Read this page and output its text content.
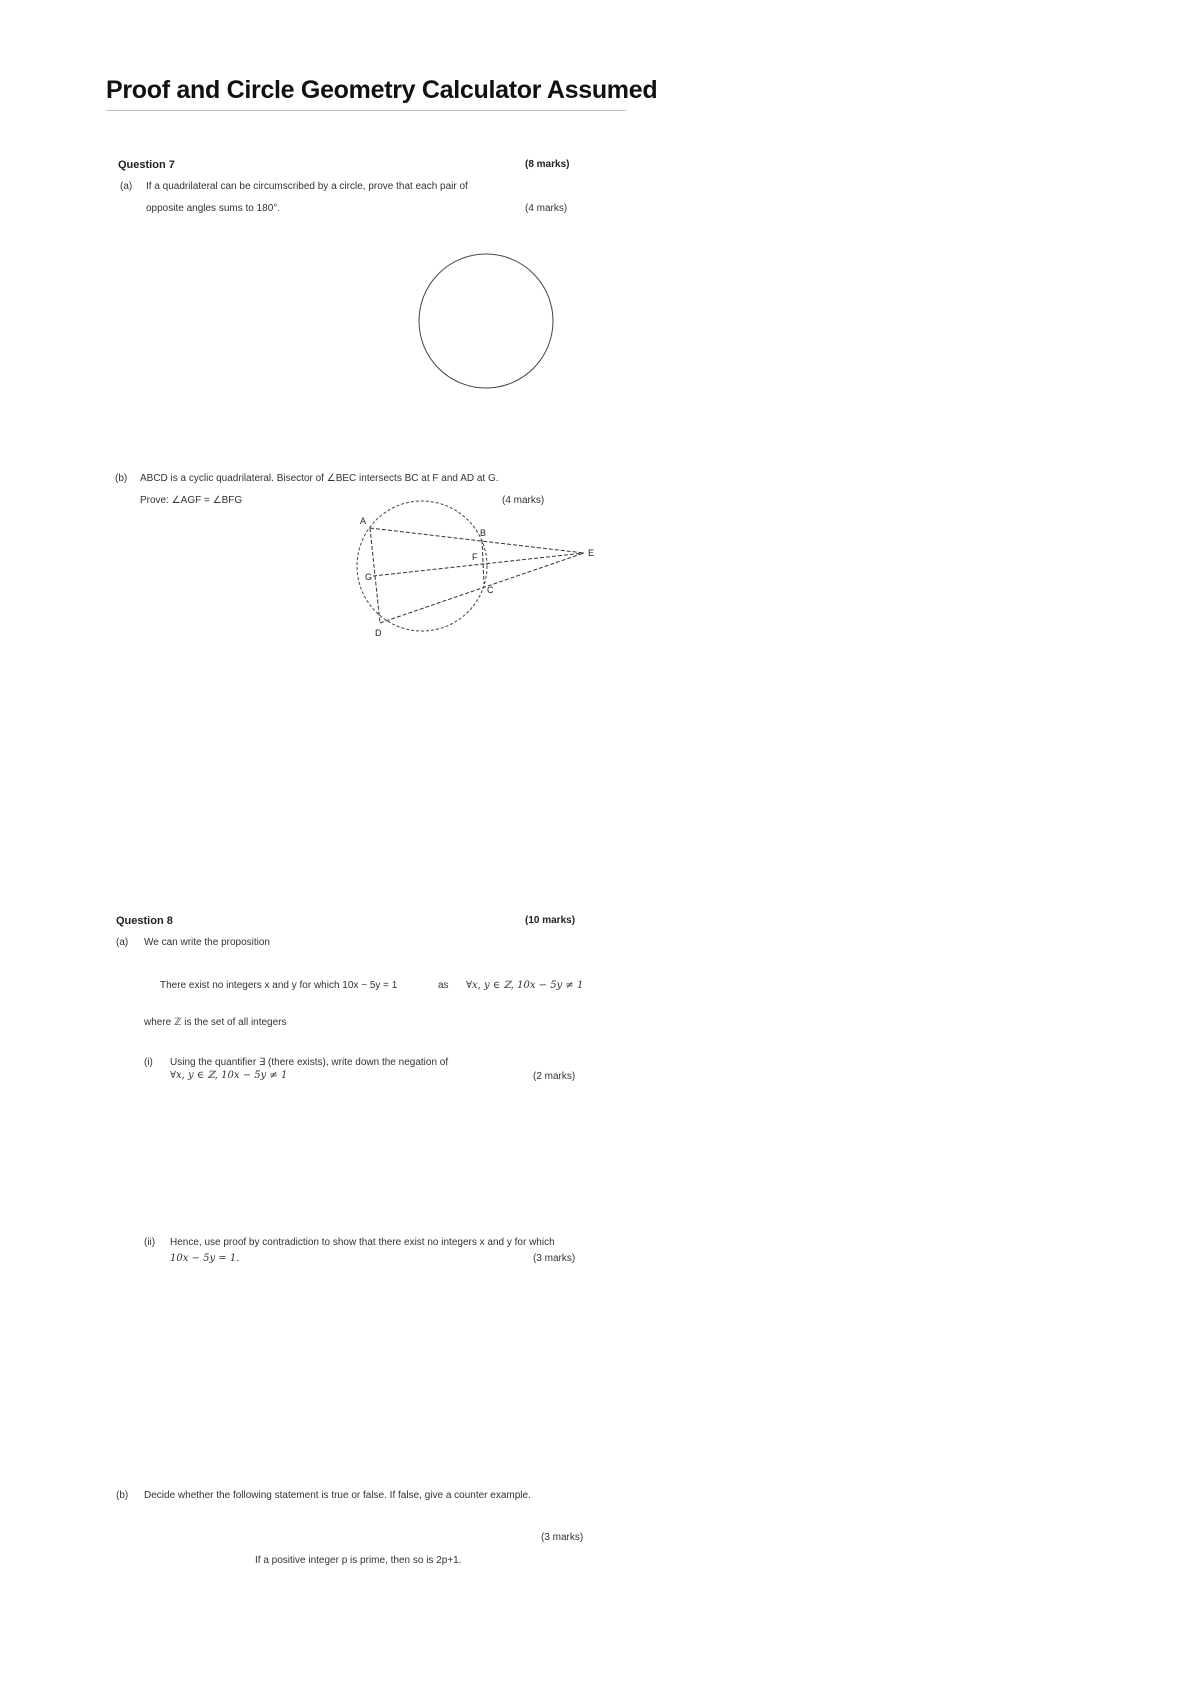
Proof and Circle Geometry Calculator Assumed
Question 7	(8 marks)
(a) If a quadrilateral can be circumscribed by a circle, prove that each pair of
opposite angles sums to 180°.	(4 marks)
(b) ABCD is a cyclic quadrilateral. Bisector of ∠BEC intersects BC at F and AD at G.
Prove: ∠AGF = ∠BFG	(4 marks)
A
B
C
D
E
F
G
Question 8	(10 marks)
(a) We can write the proposition
There exist no integers x and y for which 10x − 5y = 1	as ∀x, y ∈ ℤ, 10x − 5y ≠ 1
where ℤ is the set of all integers
(i) Using the quantifier ∃ (there exists), write down the negation of
∀x, y ∈ ℤ, 10x − 5y ≠ 1	(2 marks)
(ii) Hence, use proof by contradiction to show that there exist no integers x and y for which
10x − 5y = 1.	(3 marks)
(b) Decide whether the following statement is true or false. If false, give a counter example.
(3 marks)
If a positive integer p is prime, then so is 2p+1.
